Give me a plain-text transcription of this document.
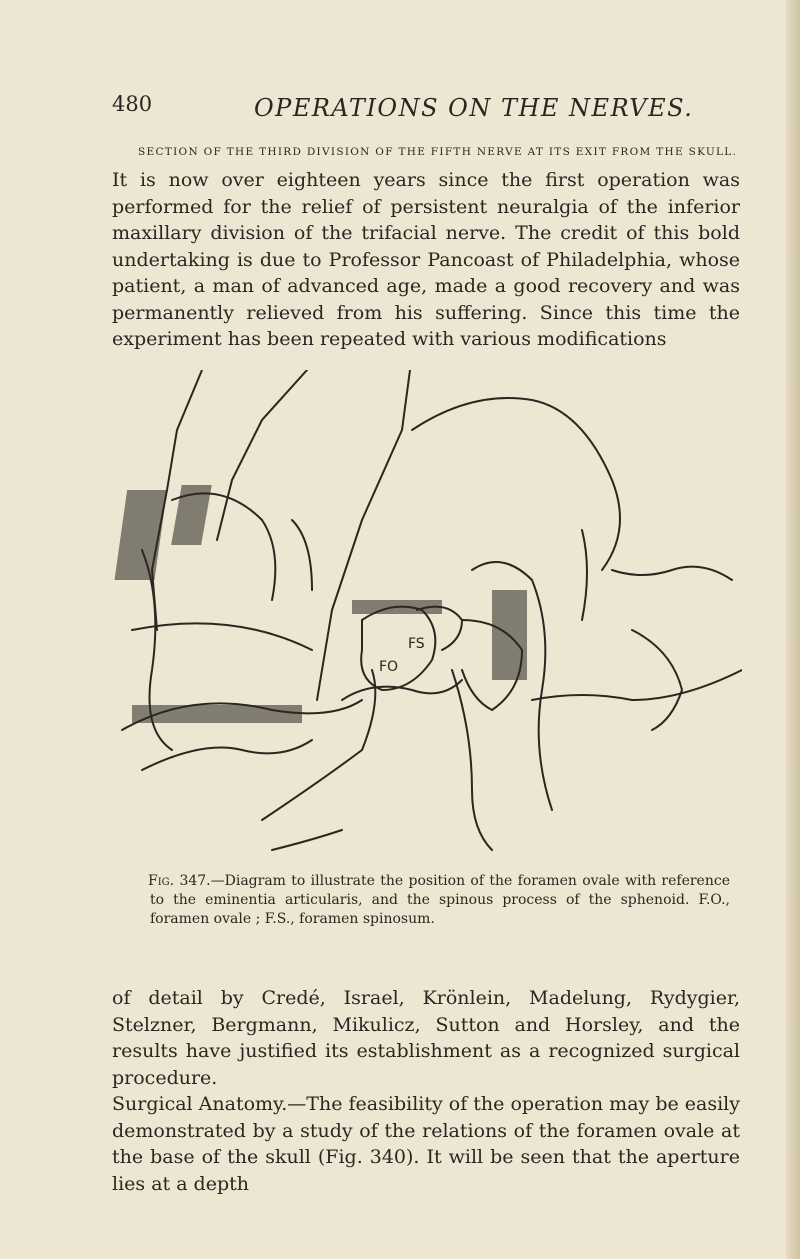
480	OPERATIONS ON THE NERVES.
SECTION OF THE THIRD DIVISION OF THE FIFTH NERVE AT ITS EXIT FROM THE SKULL.

It is now over eighteen years since the first operation was performed for the relief of persistent neuralgia of the inferior maxillary division of the trifacial nerve. The credit of this bold undertaking is due to Professor Pancoast of Philadelphia, whose patient, a man of advanced age, made a good recovery and was permanently relieved from his suffering. Since this time the experiment has been repeated with various modifications

FS
FO

Fig. 347.—Diagram to illustrate the position of the foramen ovale with reference to the eminentia articularis, and the spinous process of the sphenoid. F.O., foramen ovale ; F.S., foramen spinosum.

of detail by Credé, Israel, Krönlein, Madelung, Rydygier, Stelzner, Bergmann, Mikulicz, Sutton and Horsley, and the results have justified its establishment as a recognized surgical procedure.
Surgical Anatomy.—The feasibility of the operation may be easily demonstrated by a study of the relations of the foramen ovale at the base of the skull (Fig. 340). It will be seen that the aperture lies at a depth
